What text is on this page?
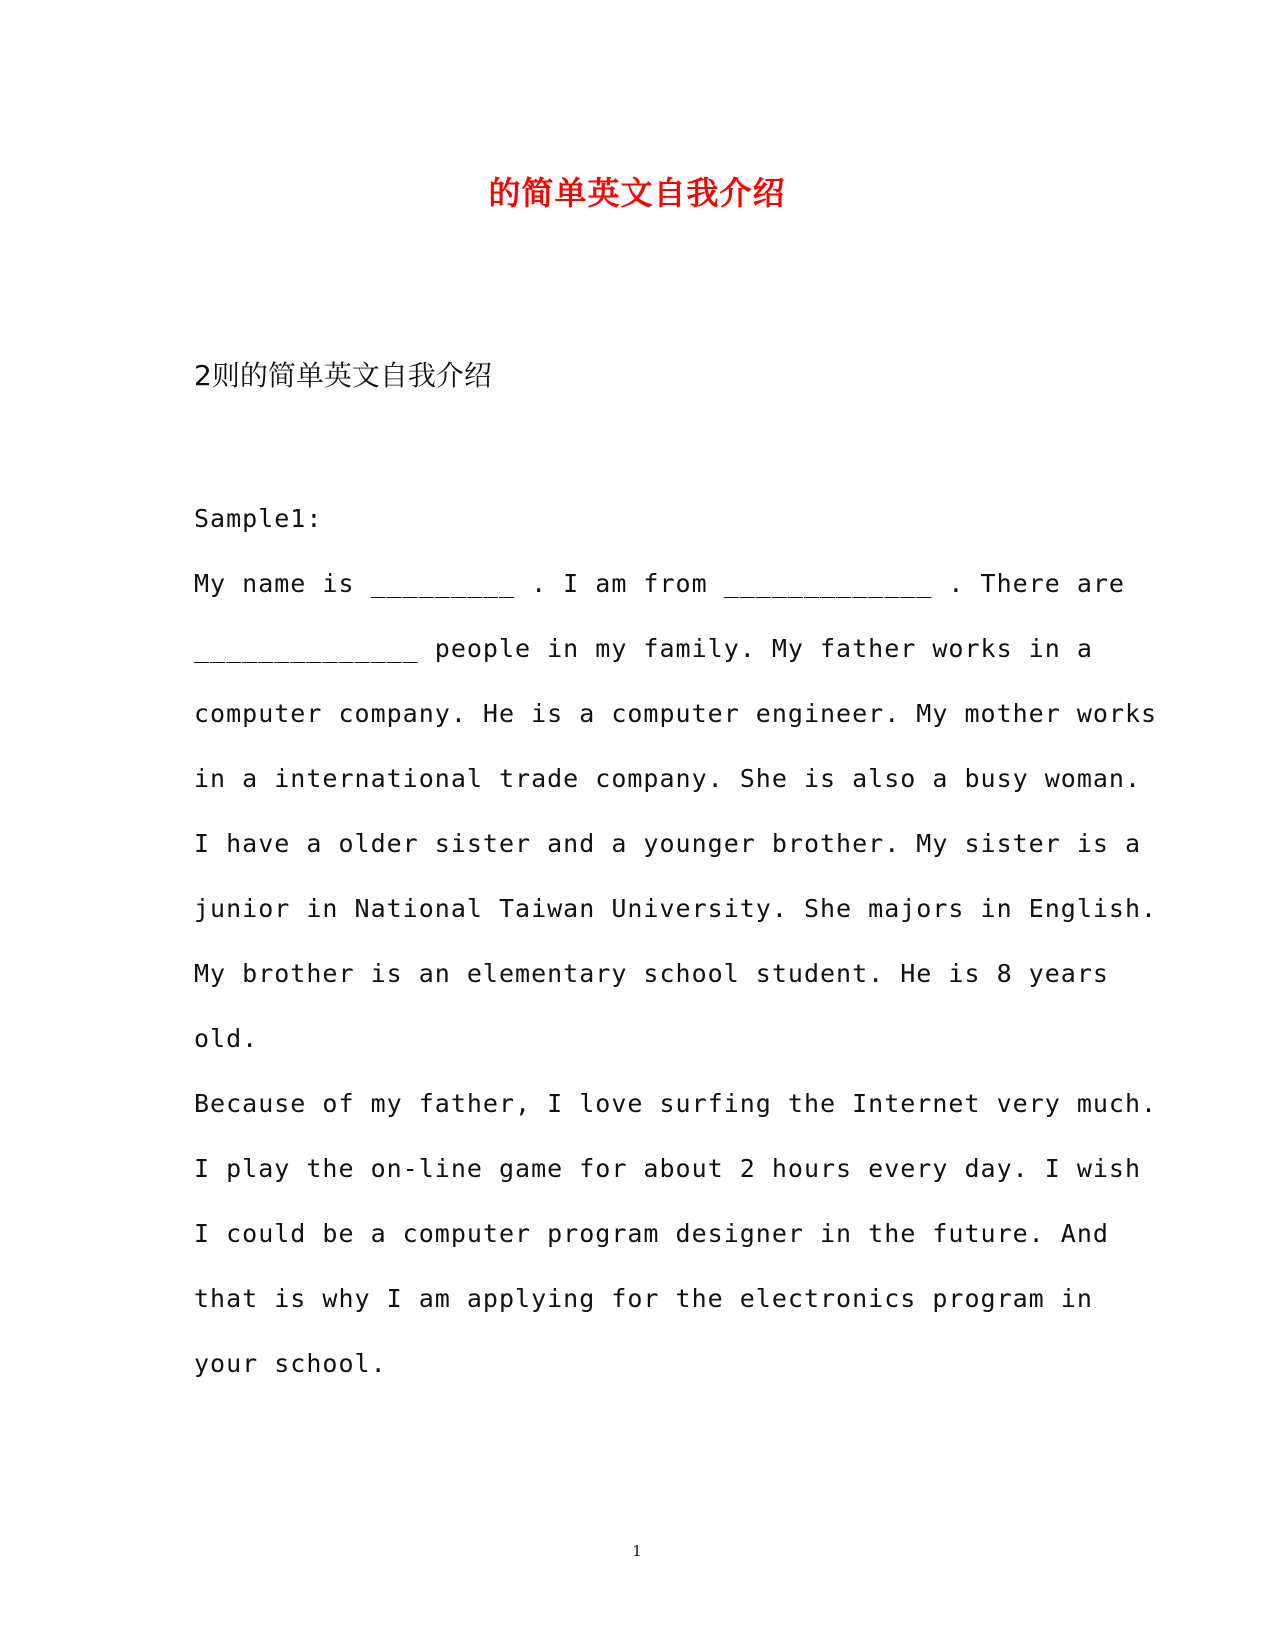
的简单英文自我介绍
2则的简单英文自我介绍
Sample1:
My name is _________ . I am from _____________ . There are
______________ people in my family. My father works in a
computer company. He is a computer engineer. My mother works
in a international trade company. She is also a busy woman.
I have a older sister and a younger brother. My sister is a
junior in National Taiwan University. She majors in English.
My brother is an elementary school student. He is 8 years
old.
Because of my father, I love surfing the Internet very much.
I play the on-line game for about 2 hours every day. I wish
I could be a computer program designer in the future. And
that is why I am applying for the electronics program in
your school.
1
